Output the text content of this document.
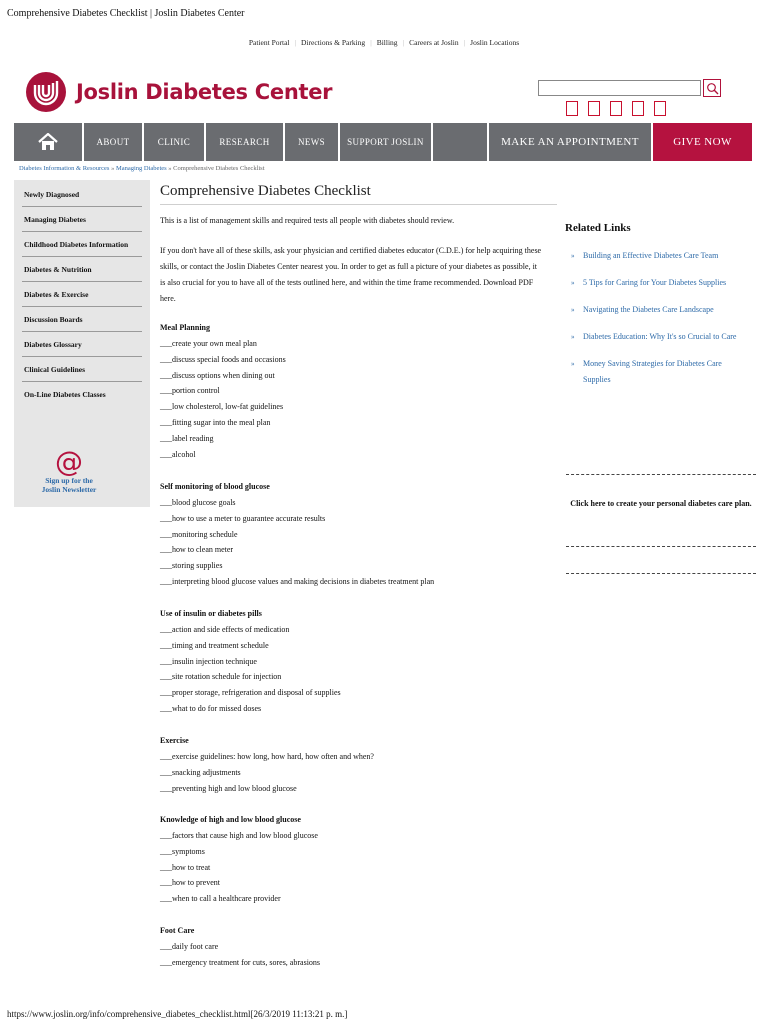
Comprehensive Diabetes Checklist | Joslin Diabetes Center
Patient Portal | Directions & Parking | Billing | Careers at Joslin | Joslin Locations
Joslin Diabetes Center
ABOUT	CLINIC	RESEARCH	NEWS	SUPPORT JOSLIN	MAKE AN APPOINTMENT	GIVE NOW
Diabetes Information & Resources » Managing Diabetes » Comprehensive Diabetes Checklist
Newly Diagnosed
Managing Diabetes
Childhood Diabetes Information
Diabetes & Nutrition
Diabetes & Exercise
Discussion Boards
Diabetes Glossary
Clinical Guidelines
On-Line Diabetes Classes
@
Sign up for the
Joslin Newsletter
Comprehensive Diabetes Checklist
This is a list of management skills and required tests all people with diabetes should review.
If you don't have all of these skills, ask your physician and certified diabetes educator (C.D.E.) for help acquiring these skills, or contact the Joslin Diabetes Center nearest you. In order to get as full a picture of your diabetes as possible, it is also crucial for you to have all of the tests outlined here, and within the time frame recommended. Download PDF here.
Meal Planning
___create your own meal plan
___discuss special foods and occasions
___discuss options when dining out
___portion control
___low cholesterol, low-fat guidelines
___fitting sugar into the meal plan
___label reading
___alcohol
Self monitoring of blood glucose
___blood glucose goals
___how to use a meter to guarantee accurate results
___monitoring schedule
___how to clean meter
___storing supplies
___interpreting blood glucose values and making decisions in diabetes treatment plan
Use of insulin or diabetes pills
___action and side effects of medication
___timing and treatment schedule
___insulin injection technique
___site rotation schedule for injection
___proper storage, refrigeration and disposal of supplies
___what to do for missed doses
Exercise
___exercise guidelines: how long, how hard, how often and when?
___snacking adjustments
___preventing high and low blood glucose
Knowledge of high and low blood glucose
___factors that cause high and low blood glucose
___symptoms
___how to treat
___how to prevent
___when to call a healthcare provider
Foot Care
___daily foot care
___emergency treatment for cuts, sores, abrasions
Related Links
» Building an Effective Diabetes Care Team
» 5 Tips for Caring for Your Diabetes Supplies
» Navigating the Diabetes Care Landscape
» Diabetes Education: Why It's so Crucial to Care
» Money Saving Strategies for Diabetes Care Supplies
Click here to create your personal diabetes care plan.
https://www.joslin.org/info/comprehensive_diabetes_checklist.html[26/3/2019 11:13:21 p. m.]
